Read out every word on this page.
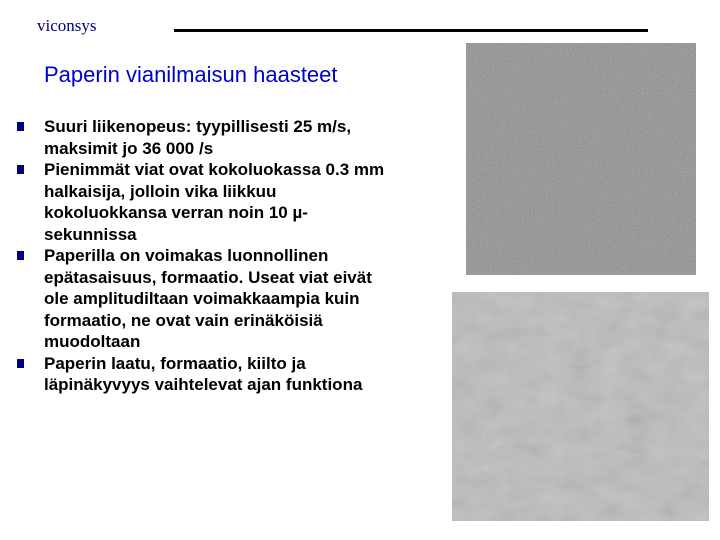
viconsys
Paperin vianilmaisun haasteet
Suuri liikenopeus: tyypillisesti 25 m/s, maksimit jo 36 000 /s
Pienimmät viat ovat kokoluokassa 0.3 mm halkaisija, jolloin vika liikkuu kokoluokkansa verran noin 10 µ-sekunnissa
Paperilla on voimakas luonnollinen epätasaisuus, formaatio. Useat viat eivät ole amplitudiltaan voimakkaampia kuin formaatio, ne ovat vain erinäköisiä muodoltaan
Paperin laatu, formaatio, kiilto ja läpinäkyvyys vaihtelevat ajan funktiona
